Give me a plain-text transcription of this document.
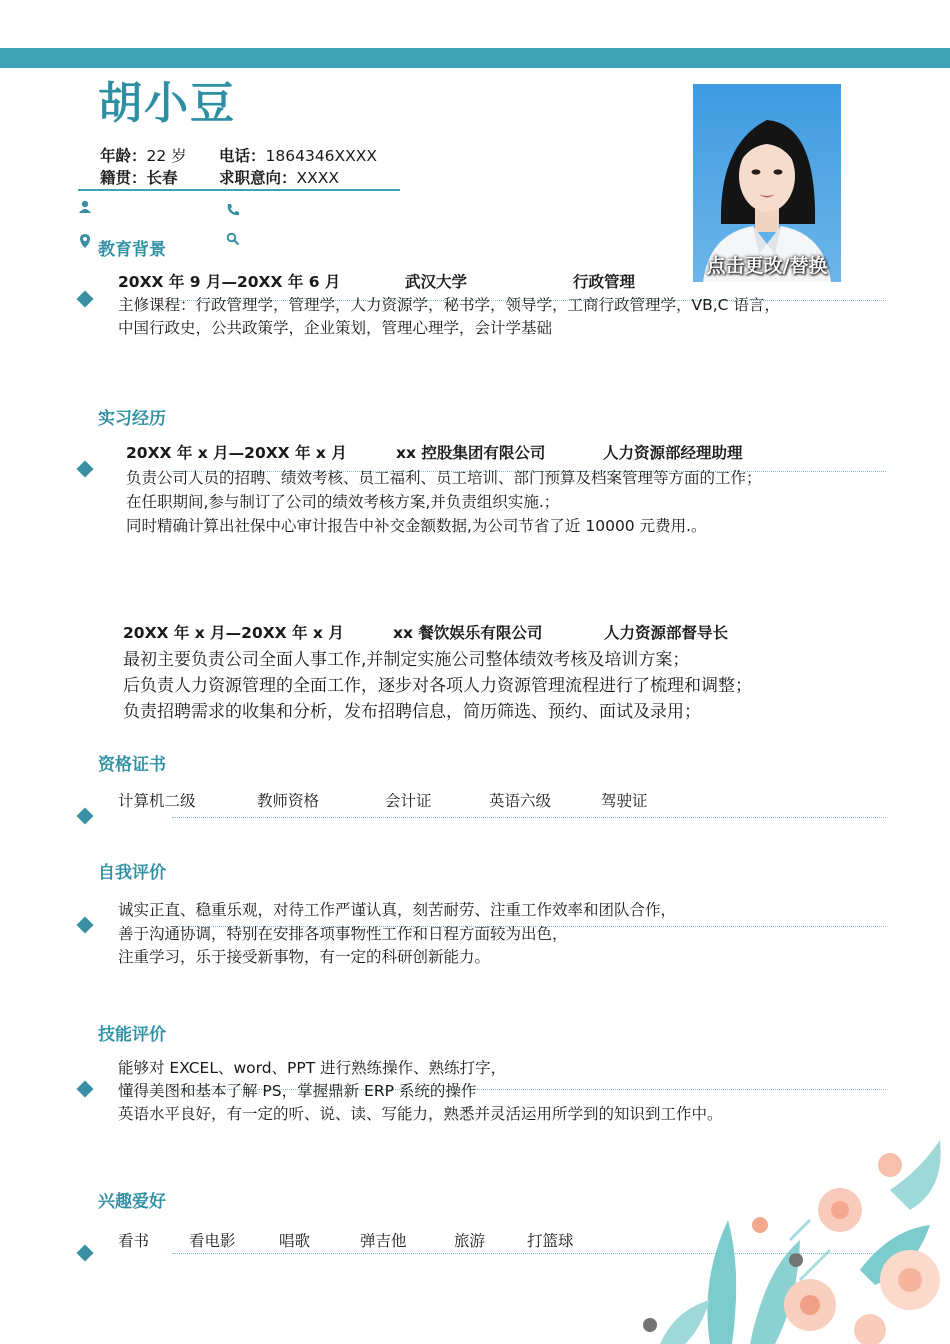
胡小豆
年龄：22 岁 电话：1864346XXXX
籍贯：长春	求职意向：XXXX
点击更改/替换
教育背景
20XX 年 9 月—20XX 年 6 月	武汉大学	行政管理
主修课程：行政管理学，管理学，人力资源学，秘书学，领导学，工商行政管理学，VB,C 语言，
中国行政史，公共政策学，企业策划，管理心理学，会计学基础
实习经历
20XX 年 x 月—20XX 年 x 月	xx 控股集团有限公司	人力资源部经理助理
负责公司人员的招聘、绩效考核、员工福利、员工培训、部门预算及档案管理等方面的工作；
在任职期间,参与制订了公司的绩效考核方案,并负责组织实施.；
同时精确计算出社保中心审计报告中补交金额数据,为公司节省了近 10000 元费用.。
20XX 年 x 月—20XX 年 x 月	xx 餐饮娱乐有限公司	人力资源部督导长
最初主要负责公司全面人事工作,并制定实施公司整体绩效考核及培训方案；
后负责人力资源管理的全面工作，逐步对各项人力资源管理流程进行了梳理和调整；
负责招聘需求的收集和分析，发布招聘信息，简历筛选、预约、面试及录用；
资格证书
计算机二级	教师资格	会计证	英语六级	驾驶证
自我评价
诚实正直、稳重乐观，对待工作严谨认真，刻苦耐劳、注重工作效率和团队合作，
善于沟通协调，特别在安排各项事物性工作和日程方面较为出色，
注重学习，乐于接受新事物，有一定的科研创新能力。
技能评价
能够对 EXCEL、word、PPT 进行熟练操作、熟练打字，
懂得美图和基本了解 PS，掌握鼎新 ERP 系统的操作
英语水平良好，有一定的听、说、读、写能力，熟悉并灵活运用所学到的知识到工作中。
兴趣爱好
看书	看电影	唱歌	弹吉他	旅游	打篮球
